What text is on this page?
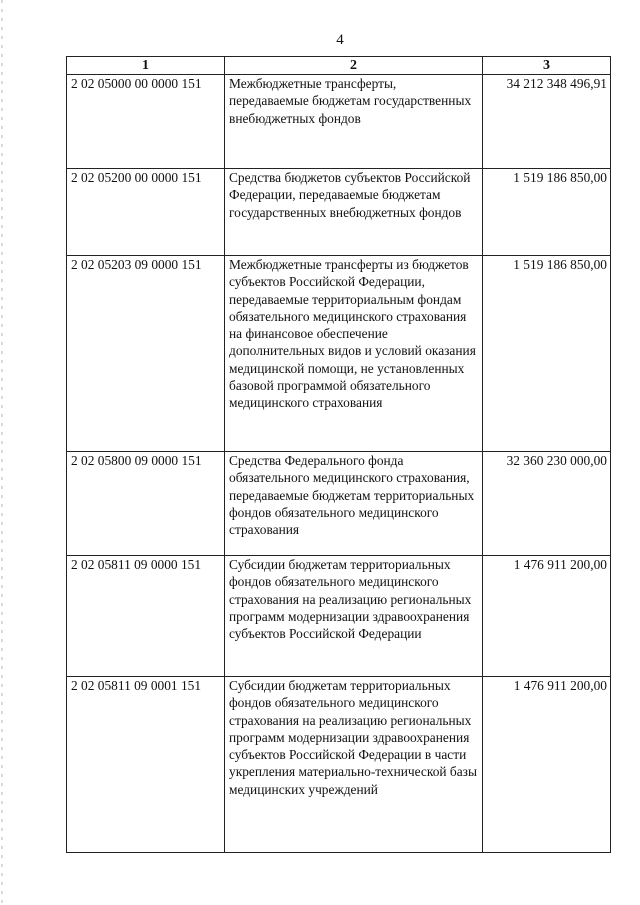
4
1	2	3
2 02 05000 00 0000 151	Межбюджетные трансферты, передаваемые бюджетам государственных внебюджетных фондов	34 212 348 496,91
2 02 05200 00 0000 151	Средства бюджетов субъектов Российской Федерации, передаваемые бюджетам государственных внебюджетных фондов	1 519 186 850,00
2 02 05203 09 0000 151	Межбюджетные трансферты из бюджетов субъектов Российской Федерации, передаваемые территориальным фондам обязательного медицинского страхования на финансовое обеспечение дополнительных видов и условий оказания медицинской помощи, не установленных базовой программой обязательного медицинского страхования	1 519 186 850,00
2 02 05800 09 0000 151	Средства Федерального фонда обязательного медицинского страхования, передаваемые бюджетам территориальных фондов обязательного медицинского страхования	32 360 230 000,00
2 02 05811 09 0000 151	Субсидии бюджетам территориальных фондов обязательного медицинского страхования на реализацию региональных программ модернизации здравоохранения субъектов Российской Федерации	1 476 911 200,00
2 02 05811 09 0001 151	Субсидии бюджетам территориальных фондов обязательного медицинского страхования на реализацию региональных программ модернизации здравоохранения субъектов Российской Федерации в части укрепления материально-технической базы медицинских учреждений	1 476 911 200,00
